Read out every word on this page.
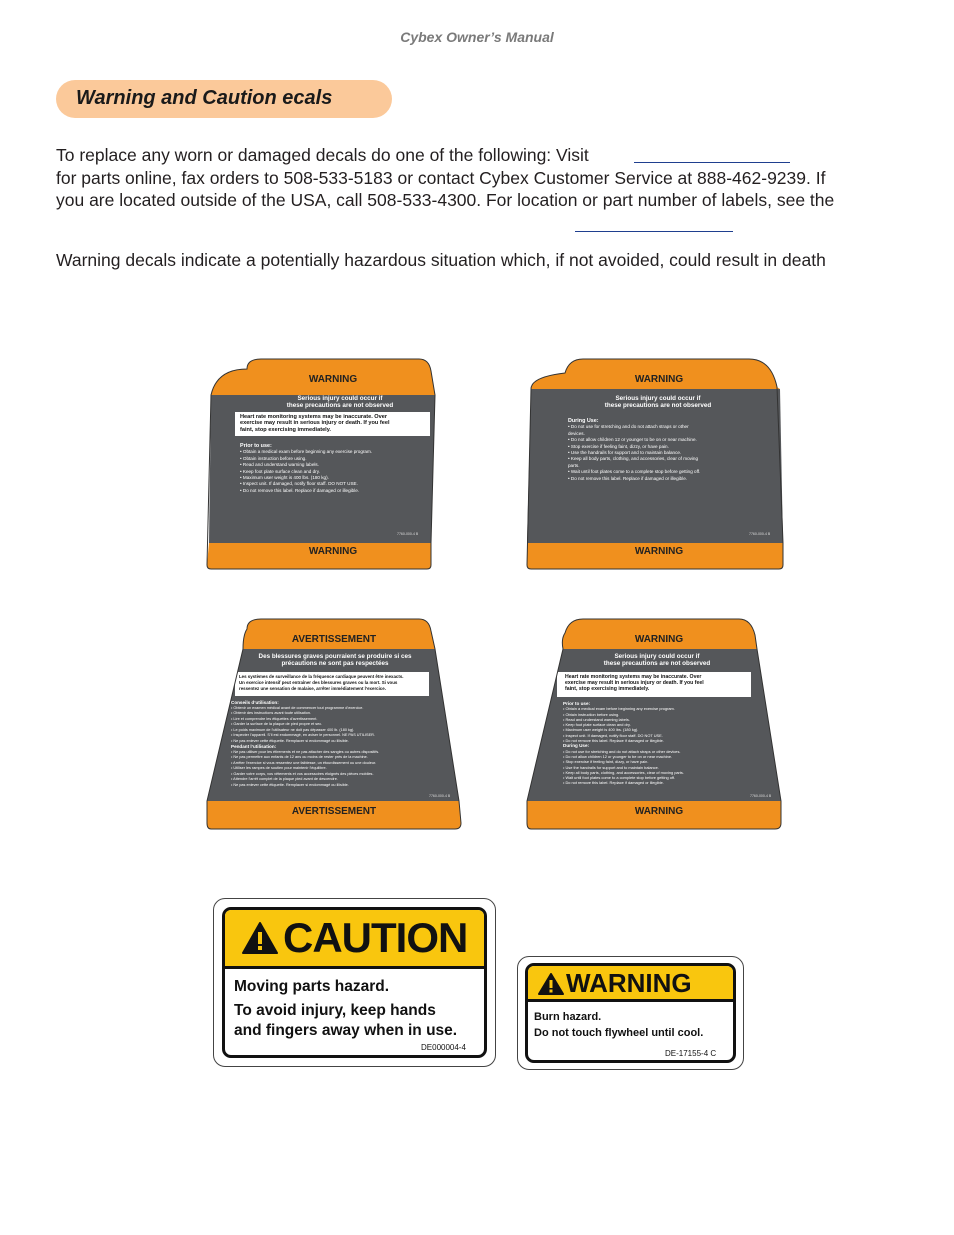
Cybex Owner’s Manual
Warning and Caution ecals
To replace any worn or damaged decals do one of the following: Visit
for parts online, fax orders to 508-533-5183 or contact Cybex Customer Service at 888-462-9239. If
you are located outside of the USA, call 508-533-4300. For location or part number of labels, see the
Warning decals indicate a potentially hazardous situation which, if not avoided, could result in death
WARNING
Serious injury could occur if
these precautions are not observed
Heart rate monitoring systems may be inaccurate. Over
exercise may result in serious injury or death. If you feel
faint, stop exercising immediately.
Prior to use:
• Obtain a medical exam before beginning any exercise program.
• Obtain instruction before using.
• Read and understand warning labels.
• Keep foot plate surface clean and dry.
• Maximum user weight is 400 lbs. (180 kg).
• Inspect unit. If damaged, notify floor staff. DO NOT USE.
• Do not remove this label. Replace if damaged or illegible.
7760-000-4 B
WARNING
WARNING
Serious injury could occur if
these precautions are not observed
During Use:
• Do not use for stretching and do not attach straps or other
devices.
• Do not allow children 12 or younger to be on or near machine.
• Stop exercise if feeling faint, dizzy, or have pain.
• Use the handrails for support and to maintain balance.
• Keep all body parts, clothing, and accessories, clear of moving
parts.
• Wait until foot plates come to a complete stop before getting off.
• Do not remove this label. Replace if damaged or illegible.
7760-000-4 B
WARNING
AVERTISSEMENT
Des blessures graves pourraient se produire si ces
précautions ne sont pas respectées
Les systèmes de surveillance de la fréquence cardiaque peuvent être inexacts.
Un exercice intensif peut entraîner des blessures graves ou la mort. Si vous
ressentez une sensation de malaise, arrêter immédiatement l’exercice.
Conseils d’utilisation:
• Obtenir un examen médical avant de commencer tout programme d’exercice.
• Obtenir des instructions avant toute utilisation.
• Lire et comprendre les étiquettes d’avertissement.
• Garder la surface de la plaque de pied propre et sec.
• Le poids maximum de l’utilisateur ne doit pas dépasser 400 lb. (180 kg).
• Inspecter l’appareil. S’il est endommagé, en aviser le personnel. NE PAS UTILISER.
• Ne pas enlever cette étiquette. Remplacer si endommagé ou illisible.
Pendant l’utilisation:
• Ne pas utiliser pour les étirements et ne pas attacher des sangles ou autres dispositifs.
• Ne pas permettre aux enfants de 12 ans ou moins de rester près de la machine.
• Arrêter l’exercice si vous ressentez une faiblesse, un étourdissement ou une douleur.
• Utiliser les rampes de soutien pour maintenir l’équilibre.
• Garder votre corps, vos vêtements et vos accessoires éloignés des pièces mobiles.
• Attendre l’arrêt complet de la plaque pied avant de descendre.
• Ne pas enlever cette étiquette. Remplacer si endommagé ou illisible.
7760-000-4 B
AVERTISSEMENT
WARNING
Serious injury could occur if
these precautions are not observed
Heart rate monitoring systems may be inaccurate. Over
exercise may result in serious injury or death. If you feel
faint, stop exercising immediately.
Prior to use:
• Obtain a medical exam before beginning any exercise program.
• Obtain instruction before using.
• Read and understand warning labels.
• Keep foot plate surface clean and dry.
• Maximum user weight is 400 lbs. (180 kg).
• Inspect unit. If damaged, notify floor staff. DO NOT USE.
• Do not remove this label. Replace if damaged or illegible.
During Use:
• Do not use for stretching and do not attach straps or other devices.
• Do not allow children 12 or younger to be on or near machine.
• Stop exercise if feeling faint, dizzy, or have pain.
• Use the handrails for support and to maintain balance.
• Keep all body parts, clothing, and accessories, clear of moving parts.
• Wait until foot plates come to a complete stop before getting off.
• Do not remove this label. Replace if damaged or illegible.
7760-000-4 B
WARNING
CAUTION
Moving parts hazard.
To avoid injury, keep hands
and fingers away when in use.
DE000004-4
WARNING
Burn hazard.
Do not touch flywheel until cool.
DE-17155-4 C
